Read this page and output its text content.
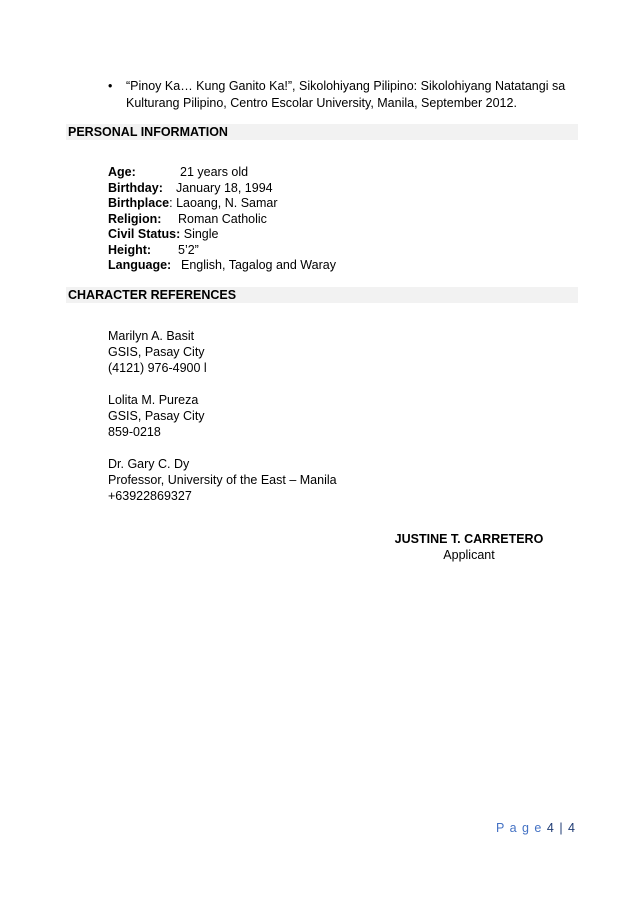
• “Pinoy Ka… Kung Ganito Ka!”, Sikolohiyang Pilipino: Sikolohiyang Natatangi sa
Kulturang Pilipino, Centro Escolar University, Manila, September 2012.
PERSONAL INFORMATION
Age:	21 years old
Birthday: January 18, 1994
Birthplace: Laoang, N. Samar
Religion: Roman Catholic
Civil Status: Single
Height: 5’2”
Language: English, Tagalog and Waray
CHARACTER REFERENCES
Marilyn A. Basit
GSIS, Pasay City
(4121) 976-4900 l
Lolita M. Pureza
GSIS, Pasay City
859-0218
Dr. Gary C. Dy
Professor, University of the East – Manila
+63922869327
JUSTINE T. CARRETERO
Applicant
P a g e 4 | 4
